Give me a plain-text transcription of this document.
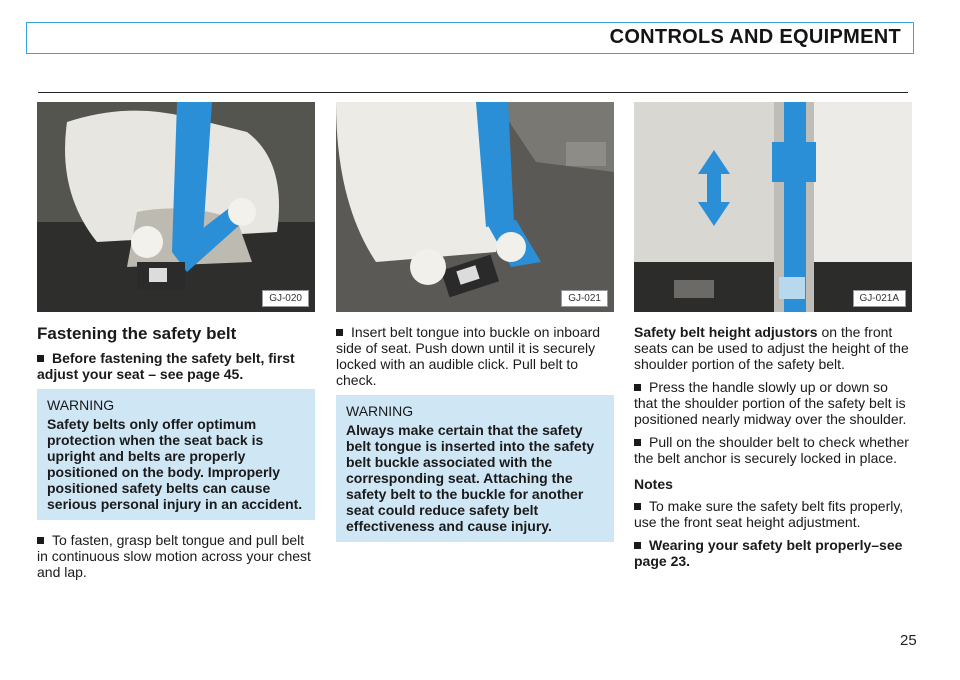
CONTROLS AND EQUIPMENT
GJ-020
Fastening the safety belt

Before fastening the safety belt, first adjust your seat – see page 45.

WARNING
Safety belts only offer optimum protection when the seat back is upright and belts are properly positioned on the body. Improperly positioned safety belts can cause serious personal injury in an accident.

To fasten, grasp belt tongue and pull belt in continuous slow motion across your chest and lap.

GJ-021

Insert belt tongue into buckle on inboard side of seat. Push down until it is securely locked with an audible click. Pull belt to check.

WARNING
Always make certain that the safety belt tongue is inserted into the safety belt buckle associated with the corresponding seat. Attaching the safety belt to the buckle for another seat could reduce safety belt effectiveness and cause injury.
GJ-021A

Safety belt height adjustors on the front seats can be used to adjust the height of the shoulder portion of the safety belt.

Press the handle slowly up or down so that the shoulder portion of the safety belt is positioned nearly midway over the shoulder.

Pull on the shoulder belt to check whether the belt anchor is securely locked in place.

Notes

To make sure the safety belt fits properly, use the front seat height adjustment.

Wearing your safety belt properly–see page 23.

25
